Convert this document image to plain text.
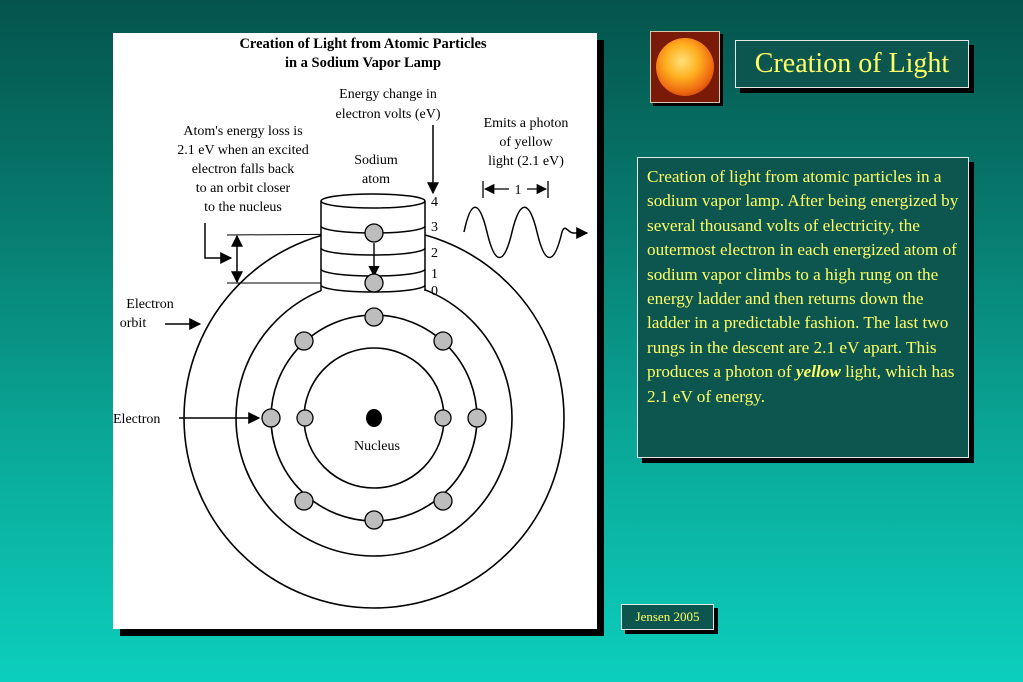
Creation of Light from Atomic Particles
in a Sodium Vapor Lamp
Energy change in
electron volts (eV)
Emits a photon
of yellow
light (2.1 eV)
1
Atom's energy loss is
2.1 eV when an excited
electron falls back
to an orbit closer
to the nucleus
Sodium
atom
4
3
2
1
0
Nucleus
Electron
orbit
Electron
Creation of Light

Creation of light from atomic particles in a sodium vapor lamp. After being energized by several thousand volts of electricity, the outermost electron in each energized atom of sodium vapor climbs to a high rung on the energy ladder and then returns down the ladder in a predictable fashion. The last two rungs in the descent are 2.1 eV apart. This produces a photon of yellow light, which has 2.1 eV of energy.

Jensen 2005
